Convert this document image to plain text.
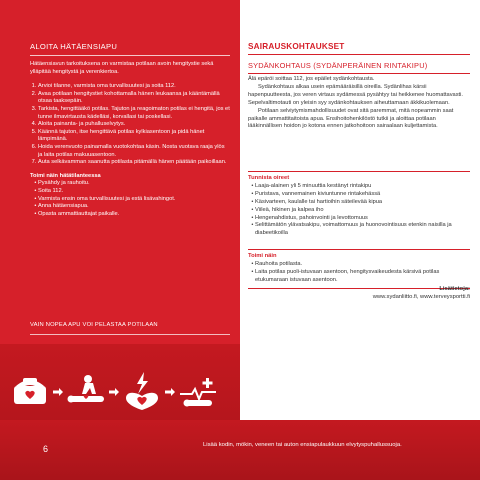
ALOITA HÄTÄENSIAPU

Hätäensiavun tarkoituksena on varmistaa potilaan avoin hengitystie sekä ylläpitää hengitystä ja verenkiertoa.

1. Arvioi tilanne, varmista oma turvallisuutesi ja soita 112.
2. Avaa potilaan hengitystiet kohottamalla hänen leukaansa ja kääntämällä otsaa taaksepäin.
3. Tarkista, hengittääkö potilas. Tajuton ja reagoimaton potilas ei hengitä, jos et tunne ilmavirtausta kädelläsi, korvallasi tai poskellasi.
4. Aloita painanta- ja puhalluselvytys.
5. Käännä tajuton, itse hengittävä potilas kylkiasentoon ja pidä hänet lämpimänä.
6. Hoida verenvuoto painamalla vuotokohtaa käsin. Nosta vuotava raaja ylös ja laita potilas makuuasentoon.
7. Auta selkävamman saanutta potilasta pitämällä hänen päätään paikoillaan.
Toimi näin hätätilanteessa
• Pysähdy ja rauhoitu.
• Soita 112.
• Varmista ensin oma turvallisuutesi ja estä lisävahingot.
• Anna hätäensiapua.
• Opasta ammattiauttajat paikalle.
VAIN NOPEA APU VOI PELASTAA POTILAAN
SAIRAUSKOHTAUKSET
SYDÄNKOHTAUS (SYDÄNPERÄINEN RINTAKIPU)

Älä epäröi soittaa 112, jos epäilet sydänkohtausta.

Sydänkohtaus alkaa usein epämääräisillä oireilla. Sydänlihas kärsii hapenpuutteesta, jos veren virtaus sydämessä pysähtyy tai heikkenee huomattavasti. Sepelvaltimotauti on yleisin syy sydänkohtauksen aiheuttamaan äkkikuolemaan.

Potilaan selviytymismahdollisuudet ovat sitä paremmat, mitä nopeammin saat paikalle ammattitaitoista apua. Ensihoitohenkilöstö tutkii ja aloittaa potilaan lääkinnällisen hoidon jo kotona ennen jatkohoitoon sairaalaan kuljettamista.

Tunnista oireet
• Laaja-alainen yli 5 minuuttia kestänyt rintakipu
• Puristava, vannemainen kiviuntunne rintakehässä
• Käsivarteen, kaulalle tai hartioihin säteilevää kipua
• Viileä, hikinen ja kalpea iho
• Hengenahdistus, pahoinvointi ja levottomuus
• Selittämätön ylävatsakipu, voimattomuus ja huonovointisuus etenkin naisilla ja diabeetikoilla
Toimi näin
• Rauhoita potilasta.
• Laita potilas puoli-istuvaan asentoon, hengitysvaikeudesta kärsivä potilas etukumaraan istuvaan asentoon.
Lisätietoja:
www.sydanliitto.fi, www.terveysportti.fi
6	Lisää kodin, mökin, veneen tai auton ensiapulaukkuun elvytyspuhallussuoja.
